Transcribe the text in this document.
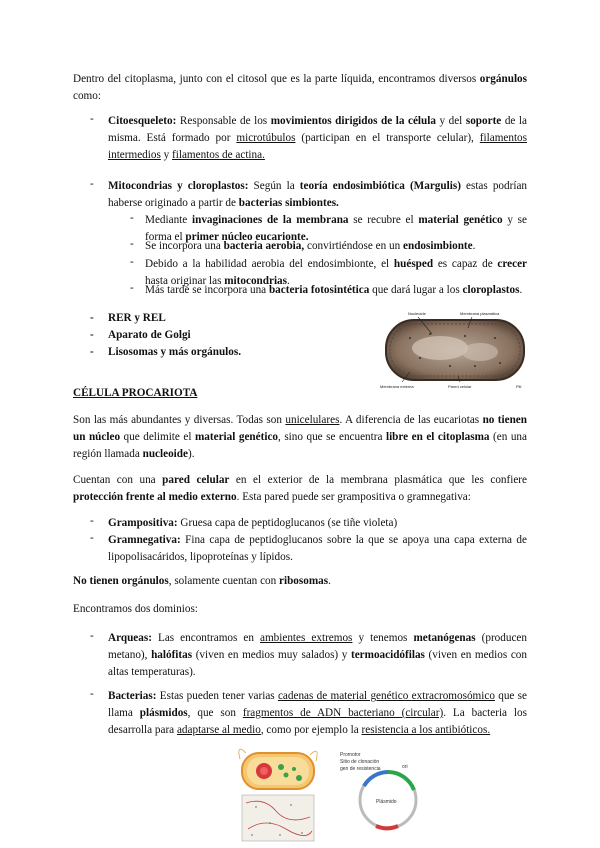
Dentro del citoplasma, junto con el citosol que es la parte líquida, encontramos diversos orgánulos como:

- Citoesqueleto: Responsable de los movimientos dirigidos de la célula y del soporte de la misma. Está formado por microtúbulos (participan en el transporte celular), filamentos intermedios y filamentos de actina.

- Mitocondrias y cloroplastos: Según la teoría endosimbiótica (Margulis) estas podrían haberse originado a partir de bacterias simbiontes.

- Mediante invaginaciones de la membrana se recubre el material genético y se forma el primer núcleo eucarionte.

- Se incorpora una bacteria aerobia, convirtiéndose en un endosimbionte.

- Debido a la habilidad aerobia del endosimbionte, el huésped es capaz de crecer hasta originar las mitocondrias.

- Más tarde se incorpora una bacteria fotosintética que dará lugar a los cloroplastos.

- RER y REL
- Aparato de Golgi
- Lisosomas y más orgánulos.
Nucleoide	Membrana plasmática
Membrana externa	Pared celular	Pili
CÉLULA PROCARIOTA

Son las más abundantes y diversas. Todas son unicelulares. A diferencia de las eucariotas no tienen un núcleo que delimite el material genético, sino que se encuentra libre en el citoplasma (en una región llamada nucleoide).

Cuentan con una pared celular en el exterior de la membrana plasmática que les confiere protección frente al medio externo. Esta pared puede ser grampositiva o gramnegativa:

- Grampositiva: Gruesa capa de peptidoglucanos (se tiñe violeta)

- Gramnegativa: Fina capa de peptidoglucanos sobre la que se apoya una capa externa de lipopolisacáridos, lipoproteínas y lípidos.

No tienen orgánulos, solamente cuentan con ribosomas.

Encontramos dos dominios:

- Arqueas: Las encontramos en ambientes extremos y tenemos metanógenas (producen metano), halófitas (viven en medios muy salados) y termoacidófilas (viven en medios con altas temperaturas).

- Bacterias: Estas pueden tener varias cadenas de material genético extracromosómico que se llama plásmidos, que son fragmentos de ADN bacteriano (circular). La bacteria los desarrolla para adaptarse al medio, como por ejemplo la resistencia a los antibióticos.

Promotor
Sitio de clonación
gen de resistencia	ori
Plásmido
